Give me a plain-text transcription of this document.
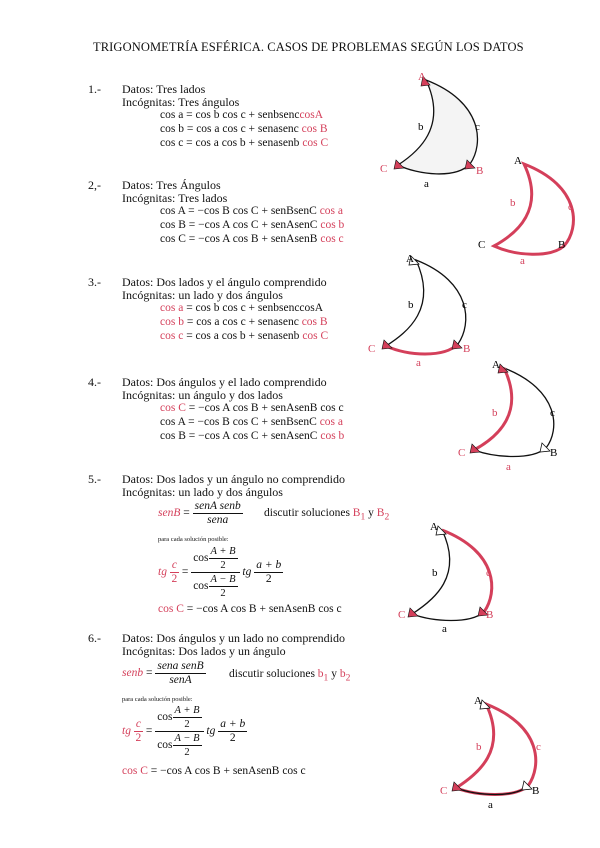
TRIGONOMETRÍA ESFÉRICA. CASOS DE PROBLEMAS SEGÚN LOS DATOS
1.- Datos: Tres lados
Incógnitas: Tres ángulos
cos a = cos b cos c + senbsenccosA
cos b = cos a cos c + senasenc cos B
cos c = cos a cos b + senasenb cos C
2,- Datos: Tres Ángulos
Incógnitas: Tres lados
cos A = −cos B cos C + senBsenC cos a
cos B = −cos A cos C + senAsenC cos b
cos C = −cos A cos B + senAsenB cos c
3.- Datos: Dos lados y el ángulo comprendido
Incógnitas: un lado y dos ángulos
cos a = cos b cos c + senbsenccosA
cos b = cos a cos c + senasenc cos B
cos c = cos a cos b + senasenb cos C
4.- Datos: Dos ángulos y el lado comprendido
Incógnitas: un ángulo y dos lados
cos C = −cos A cos B + senAsenB cos c
cos A = −cos B cos C + senBsenC cos a
cos B = −cos A cos C + senAsenC cos b
5.- Datos: Dos lados y un ángulo no comprendido
Incógnitas: un lado y dos ángulos
senB = $\frac{\text{senA senb}}{\text{sena}}$ discutir soluciones $B_1$ y $B_2$
para cada solución posible:
tg $\frac{c}{2} = \frac{\cos \frac{A + B}{2}}{\cos \frac{A - B}{2}}$ tg $\frac{a + b}{2}$
cos C = −cos A cos B + senAsenB cos c
6.- Datos: Dos ángulos y un lado no comprendido
Incógnitas: Dos lados y un ángulo
senb = $\frac{\text{sena senB}}{\text{senA}}$ discutir soluciones $b_1$ y $b_2$
para cada solución posible:
tg $\frac{c}{2} = \frac{\cos \frac{A + B}{2}}{\cos \frac{A - B}{2}}$ tg $\frac{a + b}{2}$
cos C = −cos A cos B + senAsenB cos c
A
B
C
a
b	c
A
B
C
a
b	c
A
B
C
a
b	c
A
B
C
a
b	c
A
B
C
a
b	c
A
B
C
a
b	c
